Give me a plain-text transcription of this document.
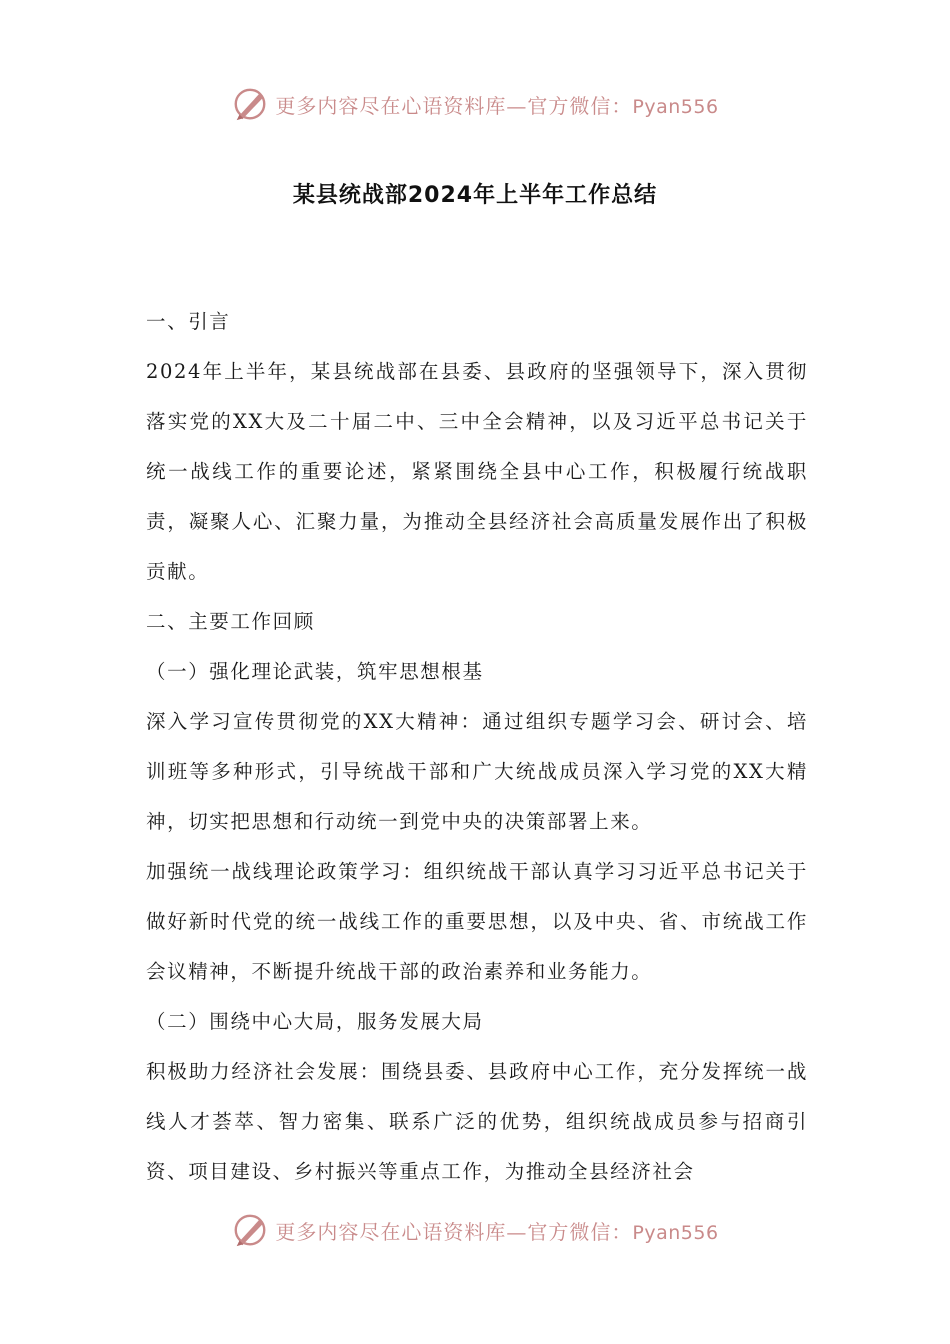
更多内容尽在心语资料库—官方微信：Pyan556
某县统战部2024年上半年工作总结

一、引言

2024年上半年，某县统战部在县委、县政府的坚强领导下，深入贯彻落实党的XX大及二十届二中、三中全会精神，以及习近平总书记关于统一战线工作的重要论述，紧紧围绕全县中心工作，积极履行统战职责，凝聚人心、汇聚力量，为推动全县经济社会高质量发展作出了积极贡献。

二、主要工作回顾

（一）强化理论武装，筑牢思想根基

深入学习宣传贯彻党的XX大精神：通过组织专题学习会、研讨会、培训班等多种形式，引导统战干部和广大统战成员深入学习党的XX大精神，切实把思想和行动统一到党中央的决策部署上来。

加强统一战线理论政策学习：组织统战干部认真学习习近平总书记关于做好新时代党的统一战线工作的重要思想，以及中央、省、市统战工作会议精神，不断提升统战干部的政治素养和业务能力。

（二）围绕中心大局，服务发展大局

积极助力经济社会发展：围绕县委、县政府中心工作，充分发挥统一战线人才荟萃、智力密集、联系广泛的优势，组织统战成员参与招商引资、项目建设、乡村振兴等重点工作，为推动全县经济社会

更多内容尽在心语资料库—官方微信：Pyan556
